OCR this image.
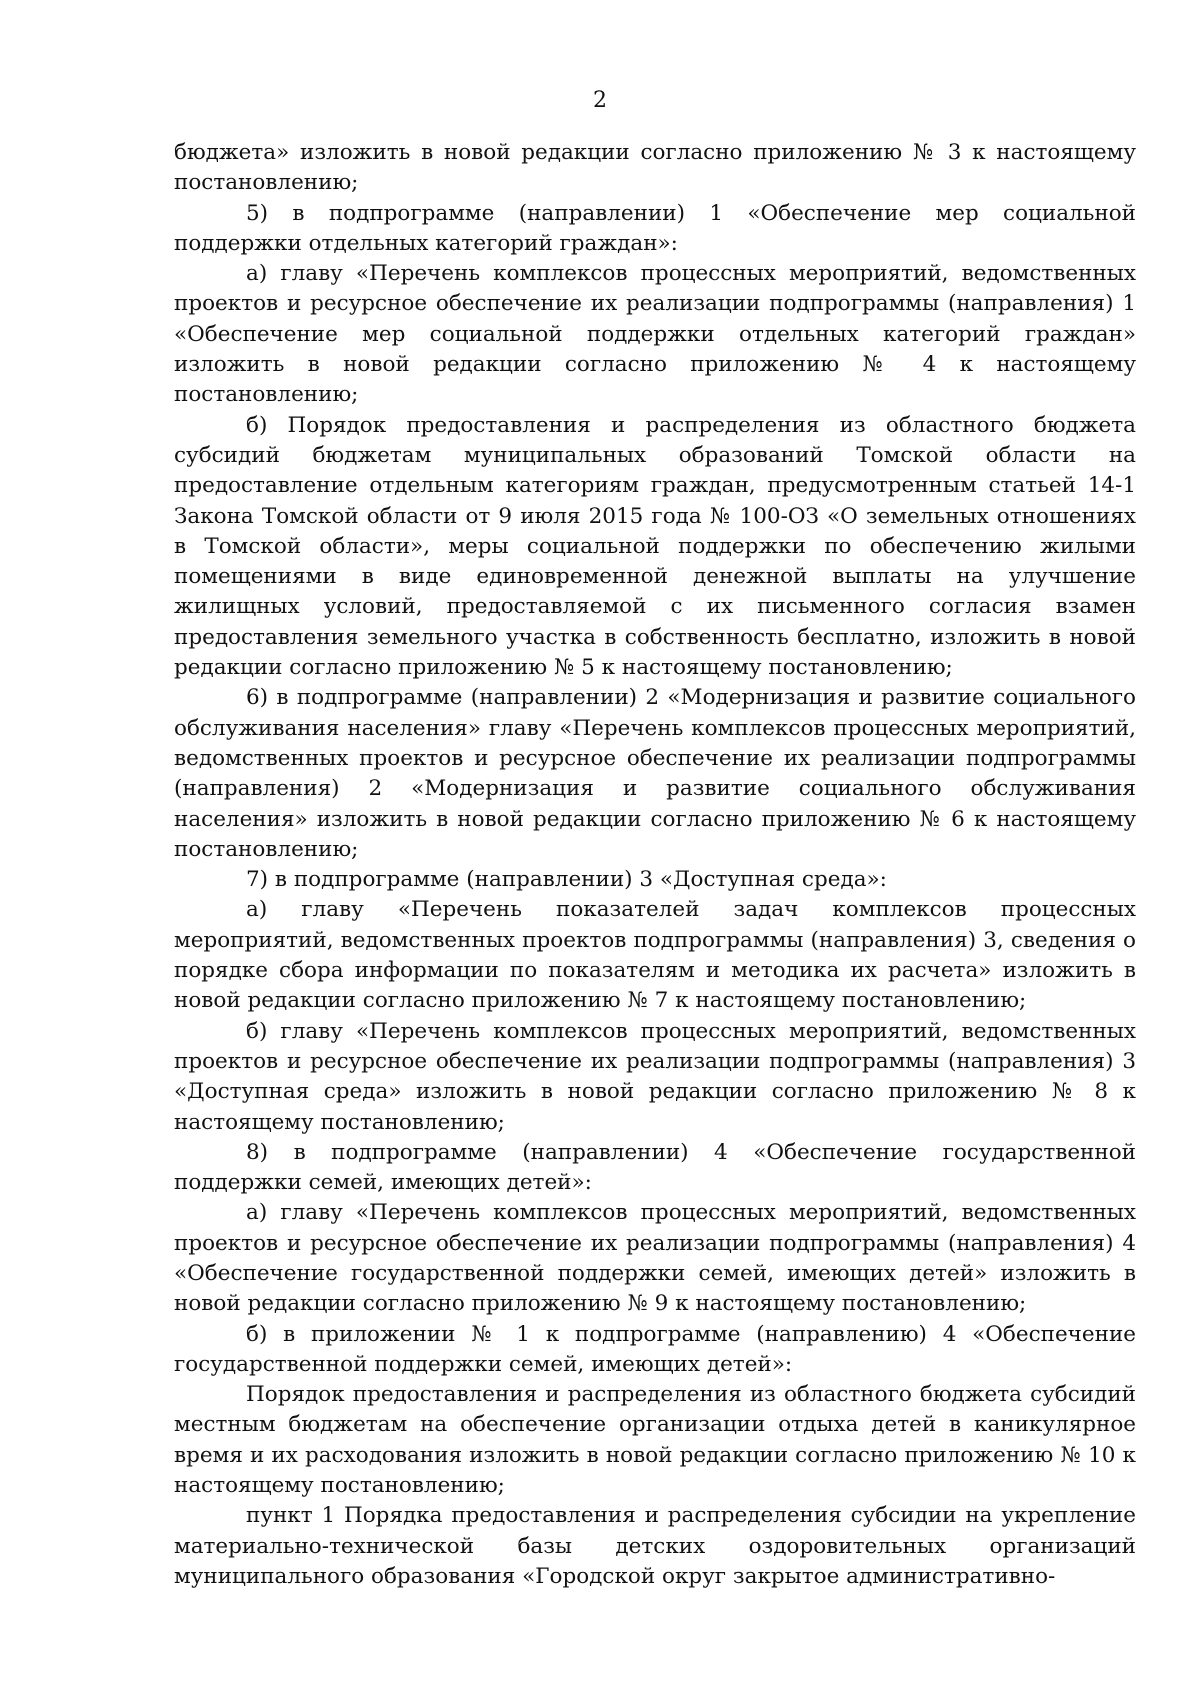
2

бюджета» изложить в новой редакции согласно приложению № 3 к настоящему постановлению;

5) в подпрограмме (направлении) 1 «Обеспечение мер социальной поддержки отдельных категорий граждан»:

а) главу «Перечень комплексов процессных мероприятий, ведомственных проектов и ресурсное обеспечение их реализации подпрограммы (направления) 1 «Обеспечение мер социальной поддержки отдельных категорий граждан» изложить в новой редакции согласно приложению № 4 к настоящему постановлению;

б) Порядок предоставления и распределения из областного бюджета субсидий бюджетам муниципальных образований Томской области на предоставление отдельным категориям граждан, предусмотренным статьей 14-1 Закона Томской области от 9 июля 2015 года № 100-ОЗ «О земельных отношениях в Томской области», меры социальной поддержки по обеспечению жилыми помещениями в виде единовременной денежной выплаты на улучшение жилищных условий, предоставляемой с их письменного согласия взамен предоставления земельного участка в собственность бесплатно, изложить в новой редакции согласно приложению № 5 к настоящему постановлению;

6) в подпрограмме (направлении) 2 «Модернизация и развитие социального обслуживания населения» главу «Перечень комплексов процессных мероприятий, ведомственных проектов и ресурсное обеспечение их реализации подпрограммы (направления) 2 «Модернизация и развитие социального обслуживания населения» изложить в новой редакции согласно приложению № 6 к настоящему постановлению;

7) в подпрограмме (направлении) 3 «Доступная среда»:

а) главу «Перечень показателей задач комплексов процессных мероприятий, ведомственных проектов подпрограммы (направления) 3, сведения о порядке сбора информации по показателям и методика их расчета» изложить в новой редакции согласно приложению № 7 к настоящему постановлению;

б) главу «Перечень комплексов процессных мероприятий, ведомственных проектов и ресурсное обеспечение их реализации подпрограммы (направления) 3 «Доступная среда» изложить в новой редакции согласно приложению № 8 к настоящему постановлению;

8) в подпрограмме (направлении) 4 «Обеспечение государственной поддержки семей, имеющих детей»:

а) главу «Перечень комплексов процессных мероприятий, ведомственных проектов и ресурсное обеспечение их реализации подпрограммы (направления) 4 «Обеспечение государственной поддержки семей, имеющих детей» изложить в новой редакции согласно приложению № 9 к настоящему постановлению;

б) в приложении № 1 к подпрограмме (направлению) 4 «Обеспечение государственной поддержки семей, имеющих детей»:

Порядок предоставления и распределения из областного бюджета субсидий местным бюджетам на обеспечение организации отдыха детей в каникулярное время и их расходования изложить в новой редакции согласно приложению № 10 к настоящему постановлению;

пункт 1 Порядка предоставления и распределения субсидии на укрепление материально-технической базы детских оздоровительных организаций муниципального образования «Городской округ закрытое административно-
